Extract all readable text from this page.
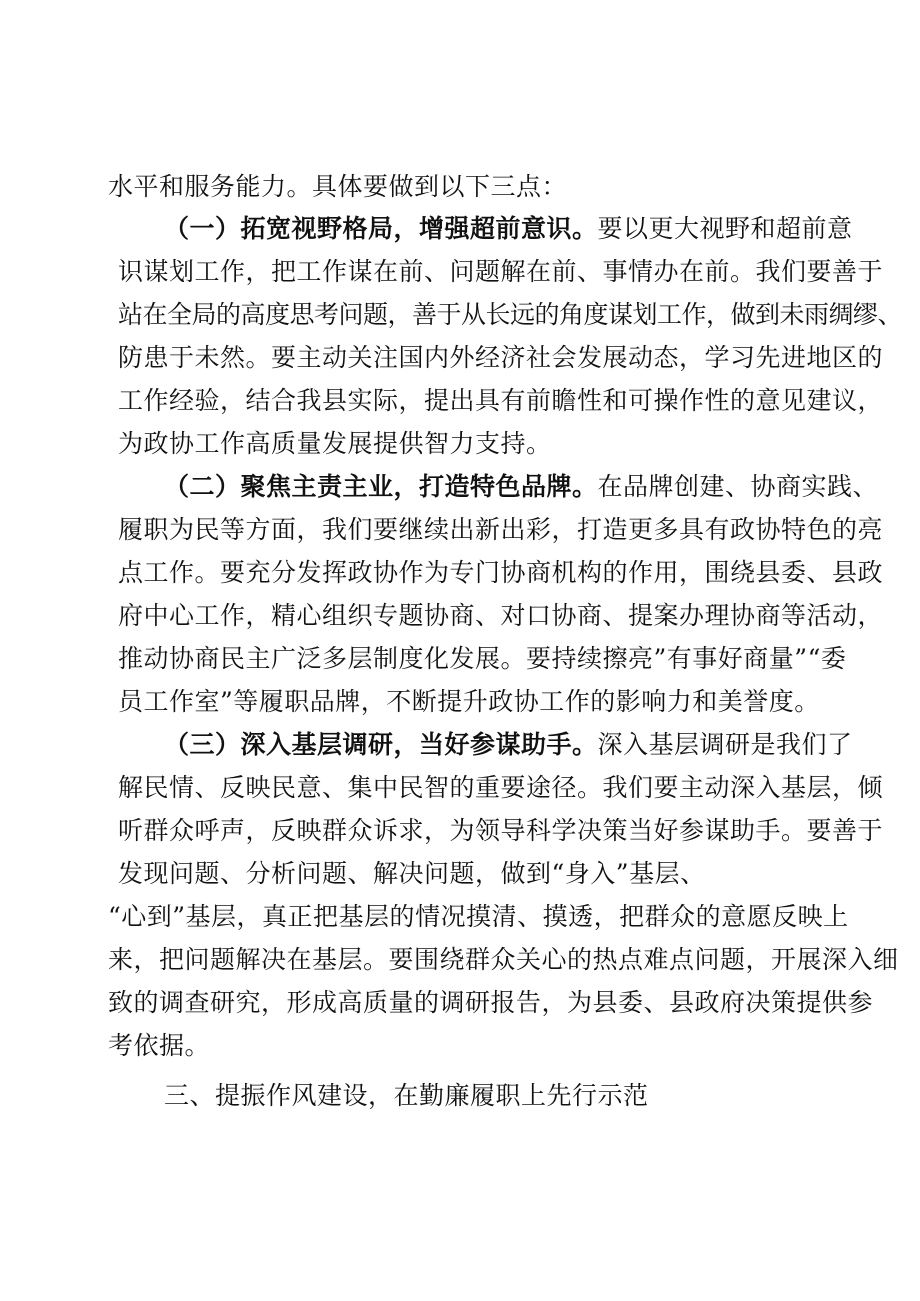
水平和服务能力。具体要做到以下三点：
（一）拓宽视野格局，增强超前意识。要以更大视野和超前意
识谋划工作，把工作谋在前、问题解在前、事情办在前。我们要善于
站在全局的高度思考问题，善于从长远的角度谋划工作，做到未雨绸缪、
防患于未然。要主动关注国内外经济社会发展动态，学习先进地区的
工作经验，结合我县实际，提出具有前瞻性和可操作性的意见建议，
为政协工作高质量发展提供智力支持。
（二）聚焦主责主业，打造特色品牌。在品牌创建、协商实践、
履职为民等方面，我们要继续出新出彩，打造更多具有政协特色的亮
点工作。要充分发挥政协作为专门协商机构的作用，围绕县委、县政
府中心工作，精心组织专题协商、对口协商、提案办理协商等活动，
推动协商民主广泛多层制度化发展。要持续擦亮”有事好商量”“委
员工作室”等履职品牌，不断提升政协工作的影响力和美誉度。
（三）深入基层调研，当好参谋助手。深入基层调研是我们了
解民情、反映民意、集中民智的重要途径。我们要主动深入基层，倾
听群众呼声，反映群众诉求，为领导科学决策当好参谋助手。要善于
发现问题、分析问题、解决问题，做到“身入”基层、
“心到”基层，真正把基层的情况摸清、摸透，把群众的意愿反映上
来，把问题解决在基层。要围绕群众关心的热点难点问题，开展深入细
致的调查研究，形成高质量的调研报告，为县委、县政府决策提供参
考依据。
三、提振作风建设，在勤廉履职上先行示范
